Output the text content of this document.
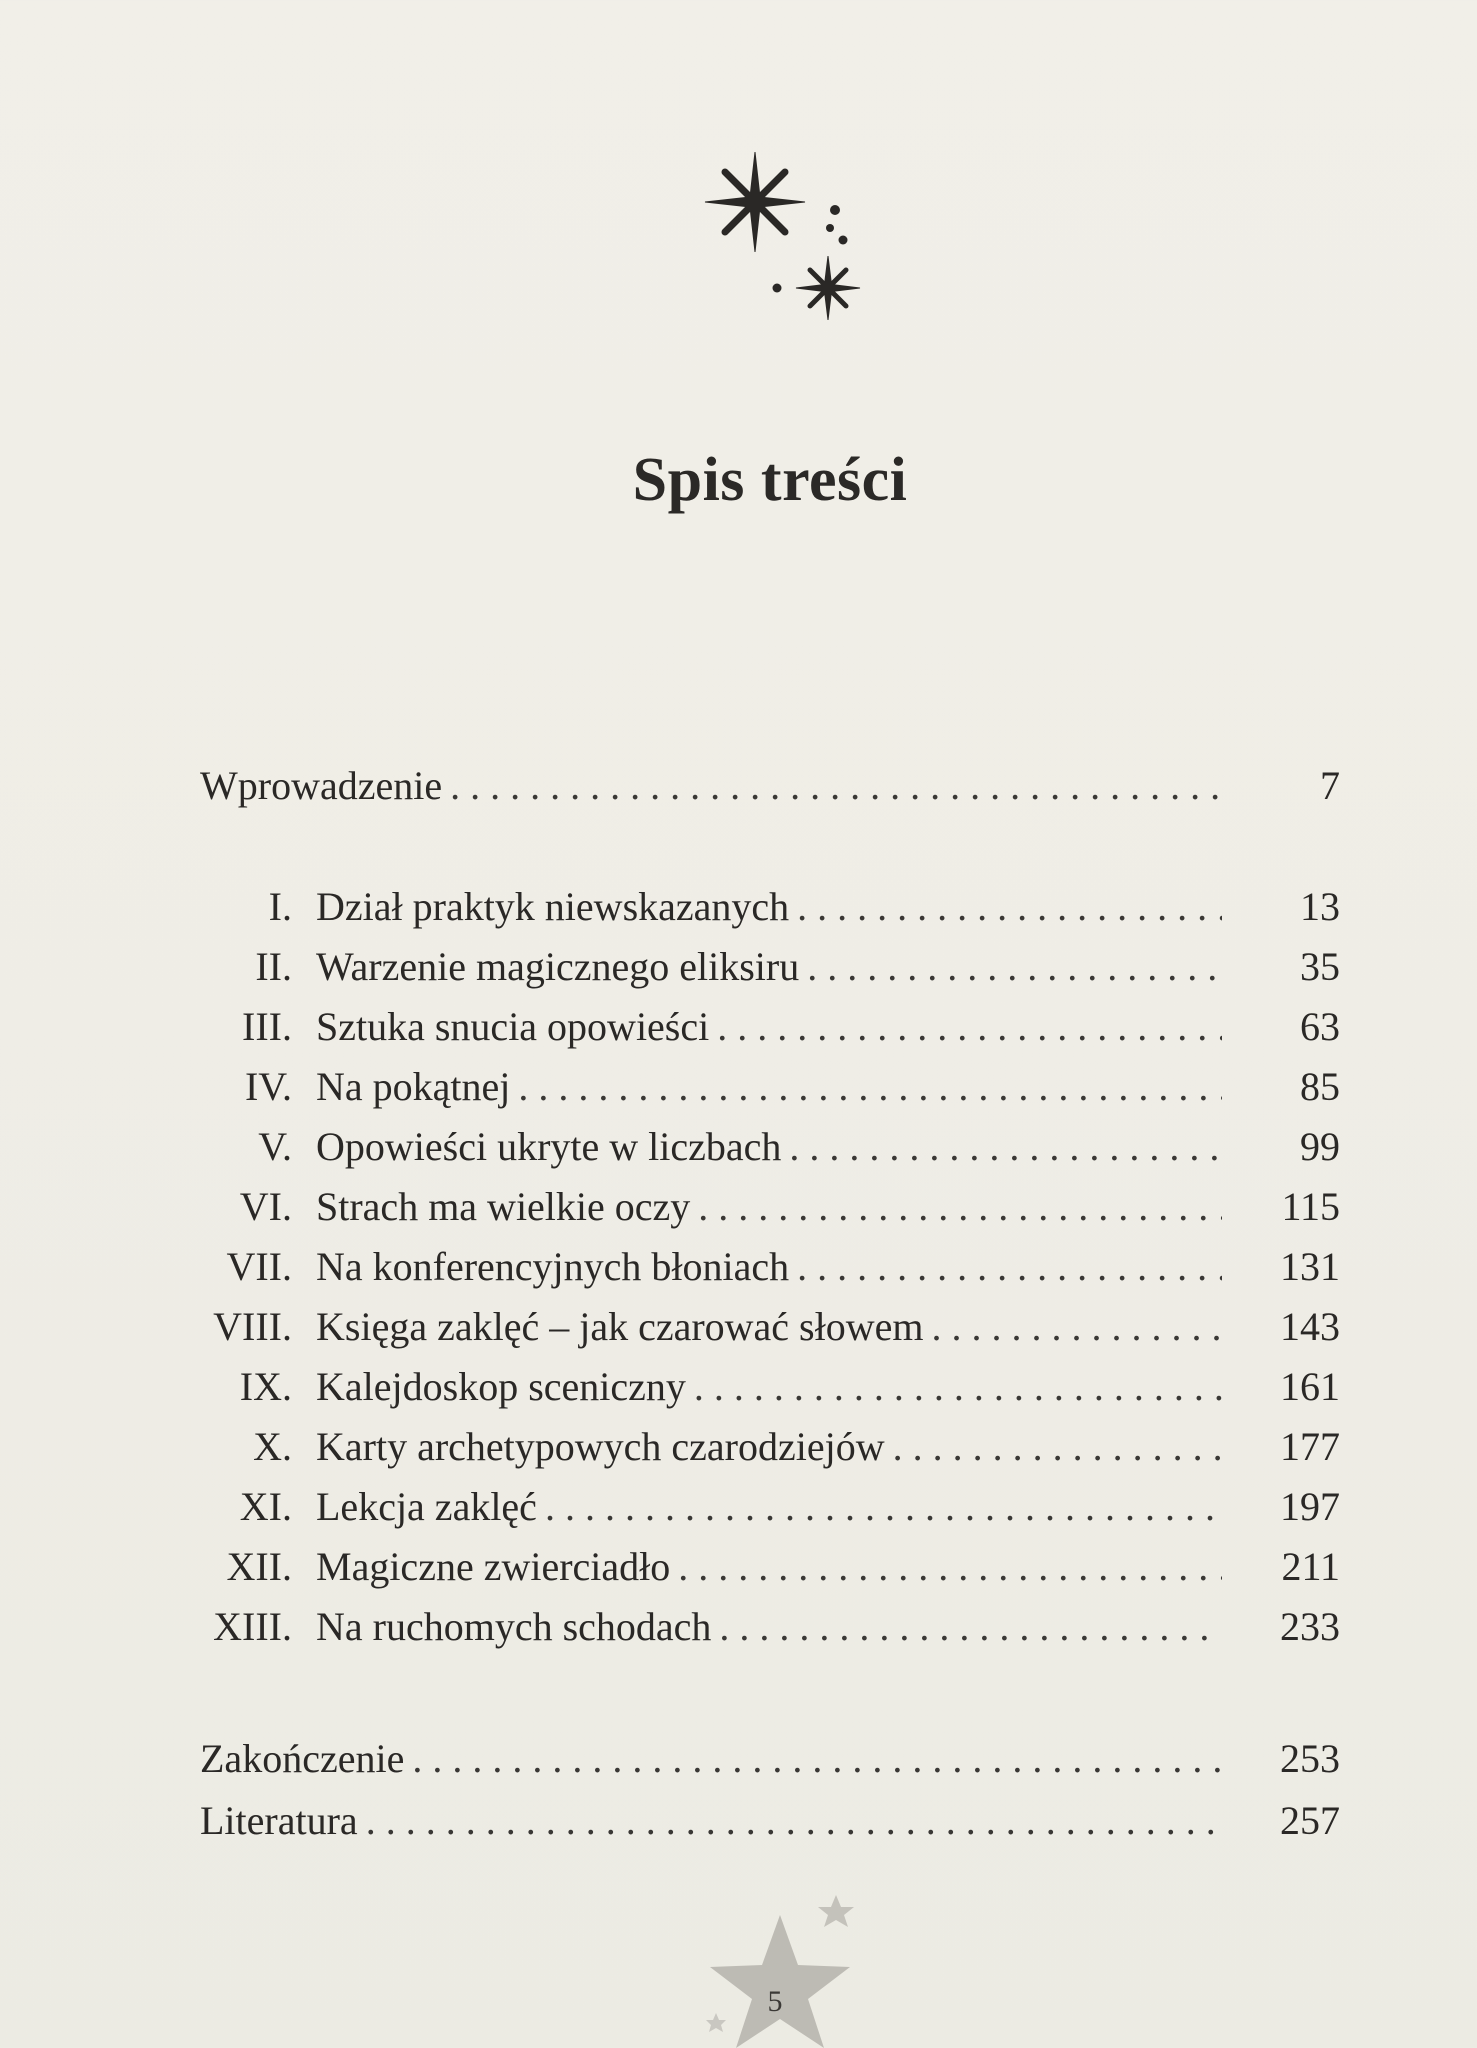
Spis treści
Wprowadzenie . . .	7
I. Dział praktyk niewskazanych . . .	13
II. Warzenie magicznego eliksiru . . .	35
III. Sztuka snucia opowieści . . .	63
IV. Na pokątnej . . .	85
V. Opowieści ukryte w liczbach . . .	99
VI. Strach ma wielkie oczy . . .	115
VII. Na konferencyjnych błoniach . . .	131
VIII. Księga zaklęć – jak czarować słowem . . .	143
IX. Kalejdoskop sceniczny . . .	161
X. Karty archetypowych czarodziejów . . .	177
XI. Lekcja zaklęć . . .	197
XII. Magiczne zwierciadło . . .	211
XIII. Na ruchomych schodach . . .	233
Zakończenie . . .	253
Literatura . . .	257
5
